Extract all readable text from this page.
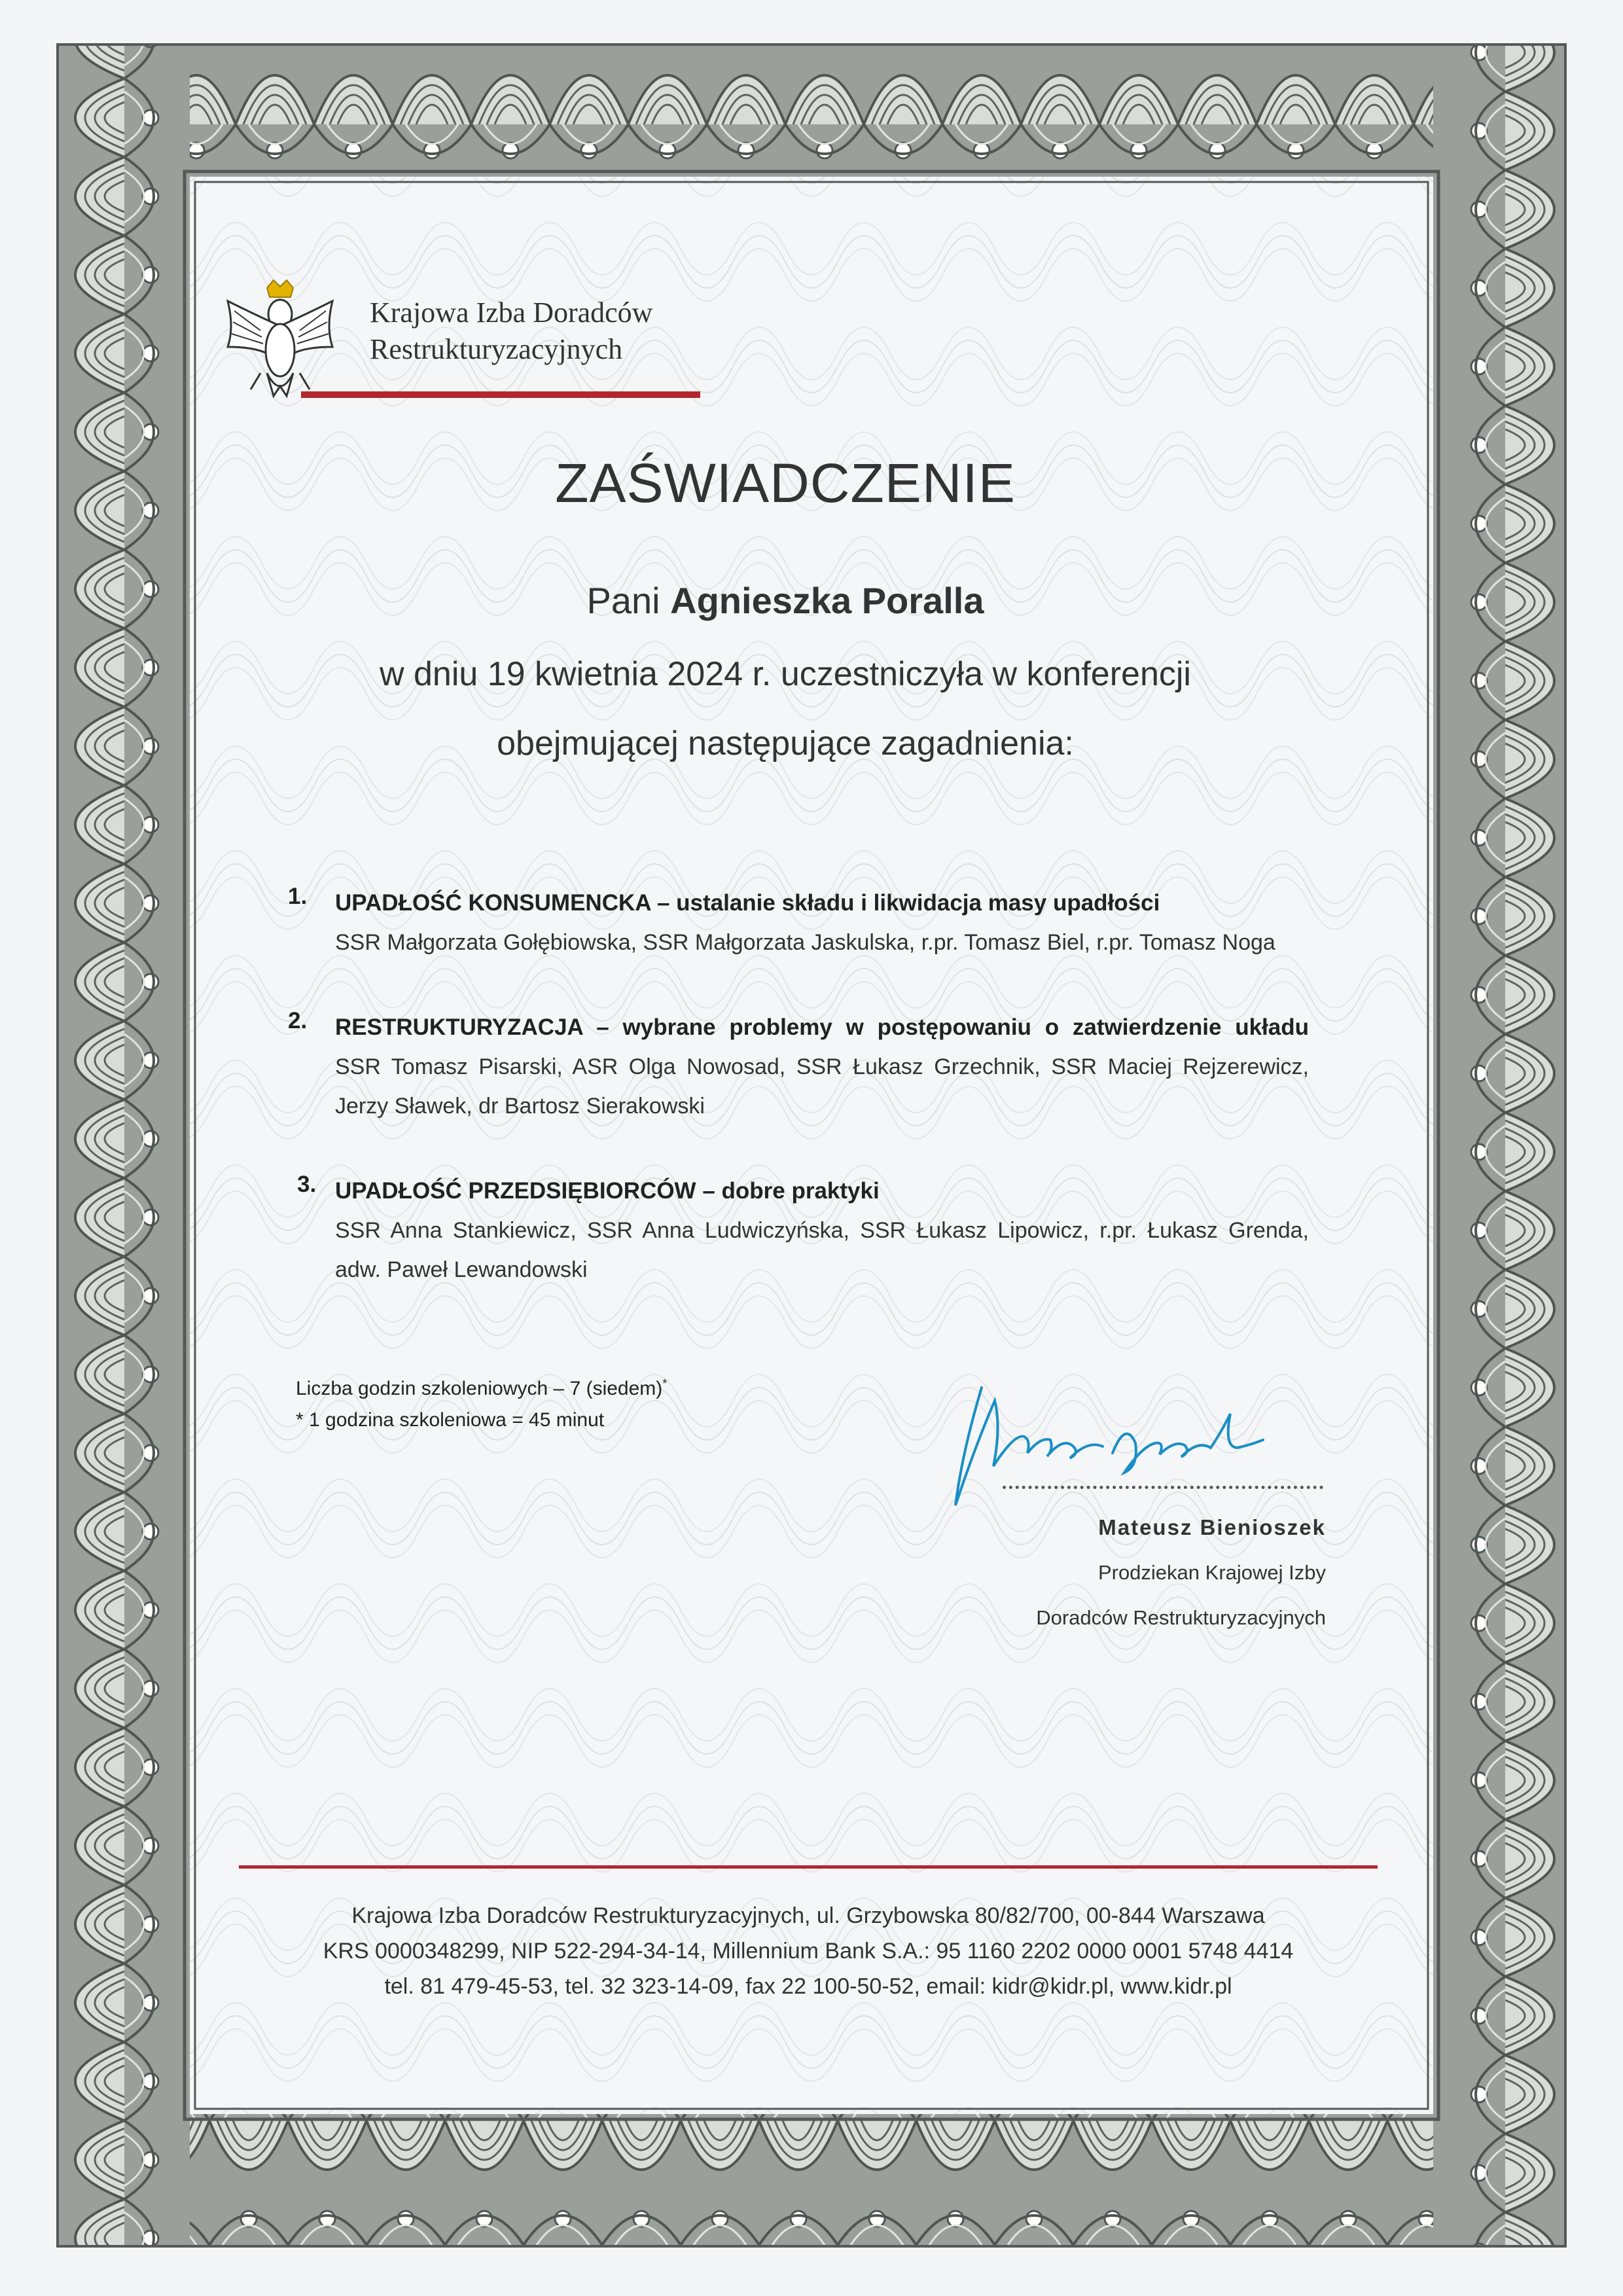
Krajowa Izba Doradców
Restrukturyzacyjnych
ZAŚWIADCZENIE
Pani Agnieszka Poralla
w dniu 19 kwietnia 2024 r. uczestniczyła w konferencji
obejmującej następujące zagadnienia:
1. UPADŁOŚĆ KONSUMENCKA – ustalanie składu i likwidacja masy upadłości
SSR Małgorzata Gołębiowska, SSR Małgorzata Jaskulska, r.pr. Tomasz Biel, r.pr. Tomasz Noga
2. RESTRUKTURYZACJA – wybrane problemy w postępowaniu o zatwierdzenie układu
SSR Tomasz Pisarski, ASR Olga Nowosad, SSR Łukasz Grzechnik, SSR Maciej Rejzerewicz,
Jerzy Sławek, dr Bartosz Sierakowski
3. UPADŁOŚĆ PRZEDSIĘBIORCÓW – dobre praktyki
SSR Anna Stankiewicz, SSR Anna Ludwiczyńska, SSR Łukasz Lipowicz, r.pr. Łukasz Grenda,
adw. Paweł Lewandowski
Liczba godzin szkoleniowych – 7 (siedem)*
* 1 godzina szkoleniowa = 45 minut
Mateusz Bienioszek
Prodziekan Krajowej Izby
Doradców Restrukturyzacyjnych
Krajowa Izba Doradców Restrukturyzacyjnych, ul. Grzybowska 80/82/700, 00-844 Warszawa
KRS 0000348299, NIP 522-294-34-14, Millennium Bank S.A.: 95 1160 2202 0000 0001 5748 4414
tel. 81 479-45-53, tel. 32 323-14-09, fax 22 100-50-52, email: kidr@kidr.pl, www.kidr.pl
